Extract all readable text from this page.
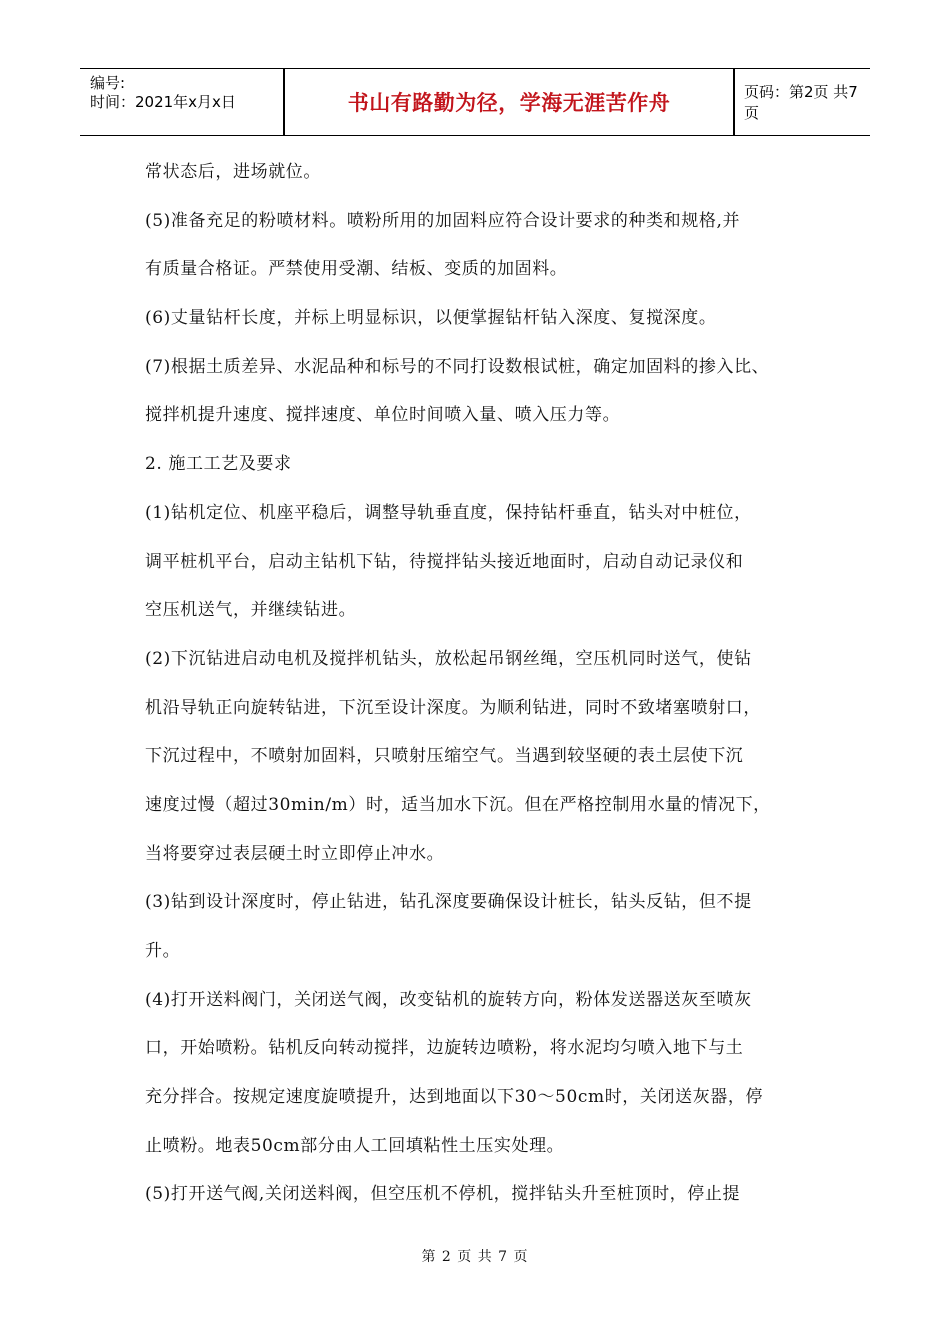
编号:
时间：2021年x月x日	书山有路勤为径，学海无涯苦作舟	页码：第2页 共7页

常状态后，进场就位。

(5)准备充足的粉喷材料。喷粉所用的加固料应符合设计要求的种类和规格,并

有质量合格证。严禁使用受潮、结板、变质的加固料。

(6)丈量钻杆长度，并标上明显标识，以便掌握钻杆钻入深度、复搅深度。

(7)根据土质差异、水泥品种和标号的不同打设数根试桩，确定加固料的掺入比、

搅拌机提升速度、搅拌速度、单位时间喷入量、喷入压力等。

2. 施工工艺及要求

(1)钻机定位、机座平稳后，调整导轨垂直度，保持钻杆垂直，钻头对中桩位，

调平桩机平台，启动主钻机下钻，待搅拌钻头接近地面时，启动自动记录仪和

空压机送气，并继续钻进。

(2)下沉钻进启动电机及搅拌机钻头，放松起吊钢丝绳，空压机同时送气，使钻

机沿导轨正向旋转钻进，下沉至设计深度。为顺利钻进，同时不致堵塞喷射口，

下沉过程中，不喷射加固料，只喷射压缩空气。当遇到较坚硬的表土层使下沉

速度过慢（超过30min/m）时，适当加水下沉。但在严格控制用水量的情况下，

当将要穿过表层硬土时立即停止冲水。

(3)钻到设计深度时，停止钻进，钻孔深度要确保设计桩长，钻头反钻，但不提

升。

(4)打开送料阀门，关闭送气阀，改变钻机的旋转方向，粉体发送器送灰至喷灰

口，开始喷粉。钻机反向转动搅拌，边旋转边喷粉，将水泥均匀喷入地下与土

充分拌合。按规定速度旋喷提升，达到地面以下30～50cm时，关闭送灰器，停

止喷粉。地表50cm部分由人工回填粘性土压实处理。

(5)打开送气阀,关闭送料阀，但空压机不停机，搅拌钻头升至桩顶时，停止提

第 2 页 共 7 页
